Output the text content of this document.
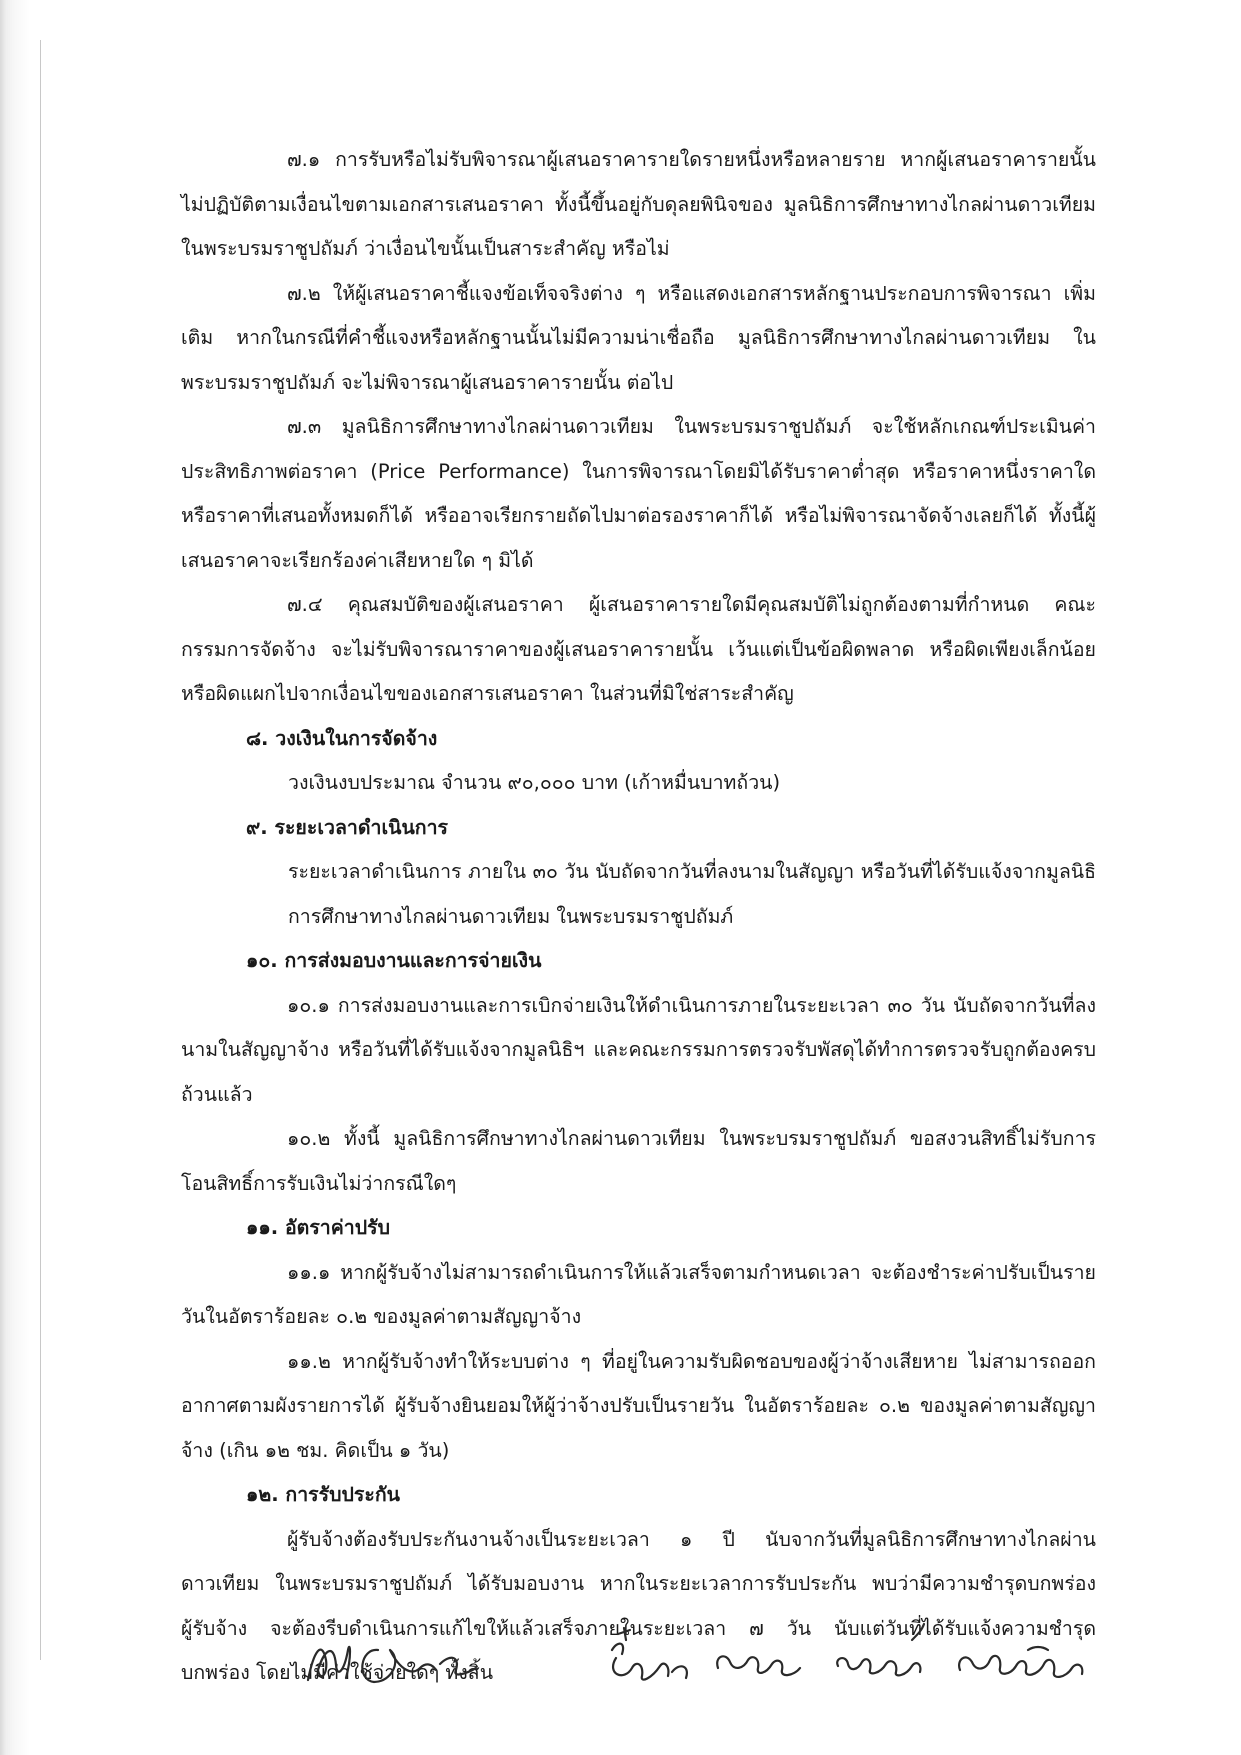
๗.๑ การรับหรือไม่รับพิจารณาผู้เสนอราคารายใดรายหนึ่งหรือหลายราย หากผู้เสนอราคารายนั้นไม่ปฏิบัติตามเงื่อนไขตามเอกสารเสนอราคา ทั้งนี้ขึ้นอยู่กับดุลยพินิจของ มูลนิธิการศึกษาทางไกลผ่านดาวเทียม ในพระบรมราชูปถัมภ์ ว่าเงื่อนไขนั้นเป็นสาระสำคัญ หรือไม่

๗.๒ ให้ผู้เสนอราคาชี้แจงข้อเท็จจริงต่าง ๆ หรือแสดงเอกสารหลักฐานประกอบการพิจารณา เพิ่มเติม หากในกรณีที่คำชี้แจงหรือหลักฐานนั้นไม่มีความน่าเชื่อถือ มูลนิธิการศึกษาทางไกลผ่านดาวเทียม ในพระบรมราชูปถัมภ์ จะไม่พิจารณาผู้เสนอราคารายนั้น ต่อไป

๗.๓ มูลนิธิการศึกษาทางไกลผ่านดาวเทียม ในพระบรมราชูปถัมภ์ จะใช้หลักเกณฑ์ประเมินค่าประสิทธิภาพต่อราคา (Price Performance) ในการพิจารณาโดยมิได้รับราคาต่ำสุด หรือราคาหนึ่งราคาใด หรือราคาที่เสนอทั้งหมดก็ได้ หรืออาจเรียกรายถัดไปมาต่อรองราคาก็ได้ หรือไม่พิจารณาจัดจ้างเลยก็ได้ ทั้งนี้ผู้เสนอราคาจะเรียกร้องค่าเสียหายใด ๆ มิได้

๗.๔ คุณสมบัติของผู้เสนอราคา ผู้เสนอราคารายใดมีคุณสมบัติไม่ถูกต้องตามที่กำหนด คณะกรรมการจัดจ้าง จะไม่รับพิจารณาราคาของผู้เสนอราคารายนั้น เว้นแต่เป็นข้อผิดพลาด หรือผิดเพียงเล็กน้อย หรือผิดแผกไปจากเงื่อนไขของเอกสารเสนอราคา ในส่วนที่มิใช่สาระสำคัญ

๘. วงเงินในการจัดจ้าง

วงเงินงบประมาณ จำนวน ๙๐,๐๐๐ บาท (เก้าหมื่นบาทถ้วน)

๙. ระยะเวลาดำเนินการ

ระยะเวลาดำเนินการ ภายใน ๓๐ วัน นับถัดจากวันที่ลงนามในสัญญา หรือวันที่ได้รับแจ้งจากมูลนิธิการศึกษาทางไกลผ่านดาวเทียม ในพระบรมราชูปถัมภ์

๑๐. การส่งมอบงานและการจ่ายเงิน

๑๐.๑ การส่งมอบงานและการเบิกจ่ายเงินให้ดำเนินการภายในระยะเวลา ๓๐ วัน นับถัดจากวันที่ลงนามในสัญญาจ้าง หรือวันที่ได้รับแจ้งจากมูลนิธิฯ และคณะกรรมการตรวจรับพัสดุได้ทำการตรวจรับถูกต้องครบ ถ้วนแล้ว

๑๐.๒ ทั้งนี้ มูลนิธิการศึกษาทางไกลผ่านดาวเทียม ในพระบรมราชูปถัมภ์ ขอสงวนสิทธิ์ไม่รับการโอนสิทธิ์การรับเงินไม่ว่ากรณีใดๆ

๑๑. อัตราค่าปรับ

๑๑.๑ หากผู้รับจ้างไม่สามารถดำเนินการให้แล้วเสร็จตามกำหนดเวลา จะต้องชำระค่าปรับเป็นรายวันในอัตราร้อยละ ๐.๒ ของมูลค่าตามสัญญาจ้าง

๑๑.๒ หากผู้รับจ้างทำให้ระบบต่าง ๆ ที่อยู่ในความรับผิดชอบของผู้ว่าจ้างเสียหาย ไม่สามารถออกอากาศตามผังรายการได้ ผู้รับจ้างยินยอมให้ผู้ว่าจ้างปรับเป็นรายวัน ในอัตราร้อยละ ๐.๒ ของมูลค่าตามสัญญาจ้าง (เกิน ๑๒ ชม. คิดเป็น ๑ วัน)

๑๒. การรับประกัน

ผู้รับจ้างต้องรับประกันงานจ้างเป็นระยะเวลา ๑ ปี นับจากวันที่มูลนิธิการศึกษาทางไกลผ่านดาวเทียม ในพระบรมราชูปถัมภ์ ได้รับมอบงาน หากในระยะเวลาการรับประกัน พบว่ามีความชำรุดบกพร่อง ผู้รับจ้าง จะต้องรีบดำเนินการแก้ไขให้แล้วเสร็จภายในระยะเวลา ๗ วัน นับแต่วันที่ได้รับแจ้งความชำรุดบกพร่อง โดยไม่มีค่าใช้จ่ายใดๆ ทั้งสิ้น
